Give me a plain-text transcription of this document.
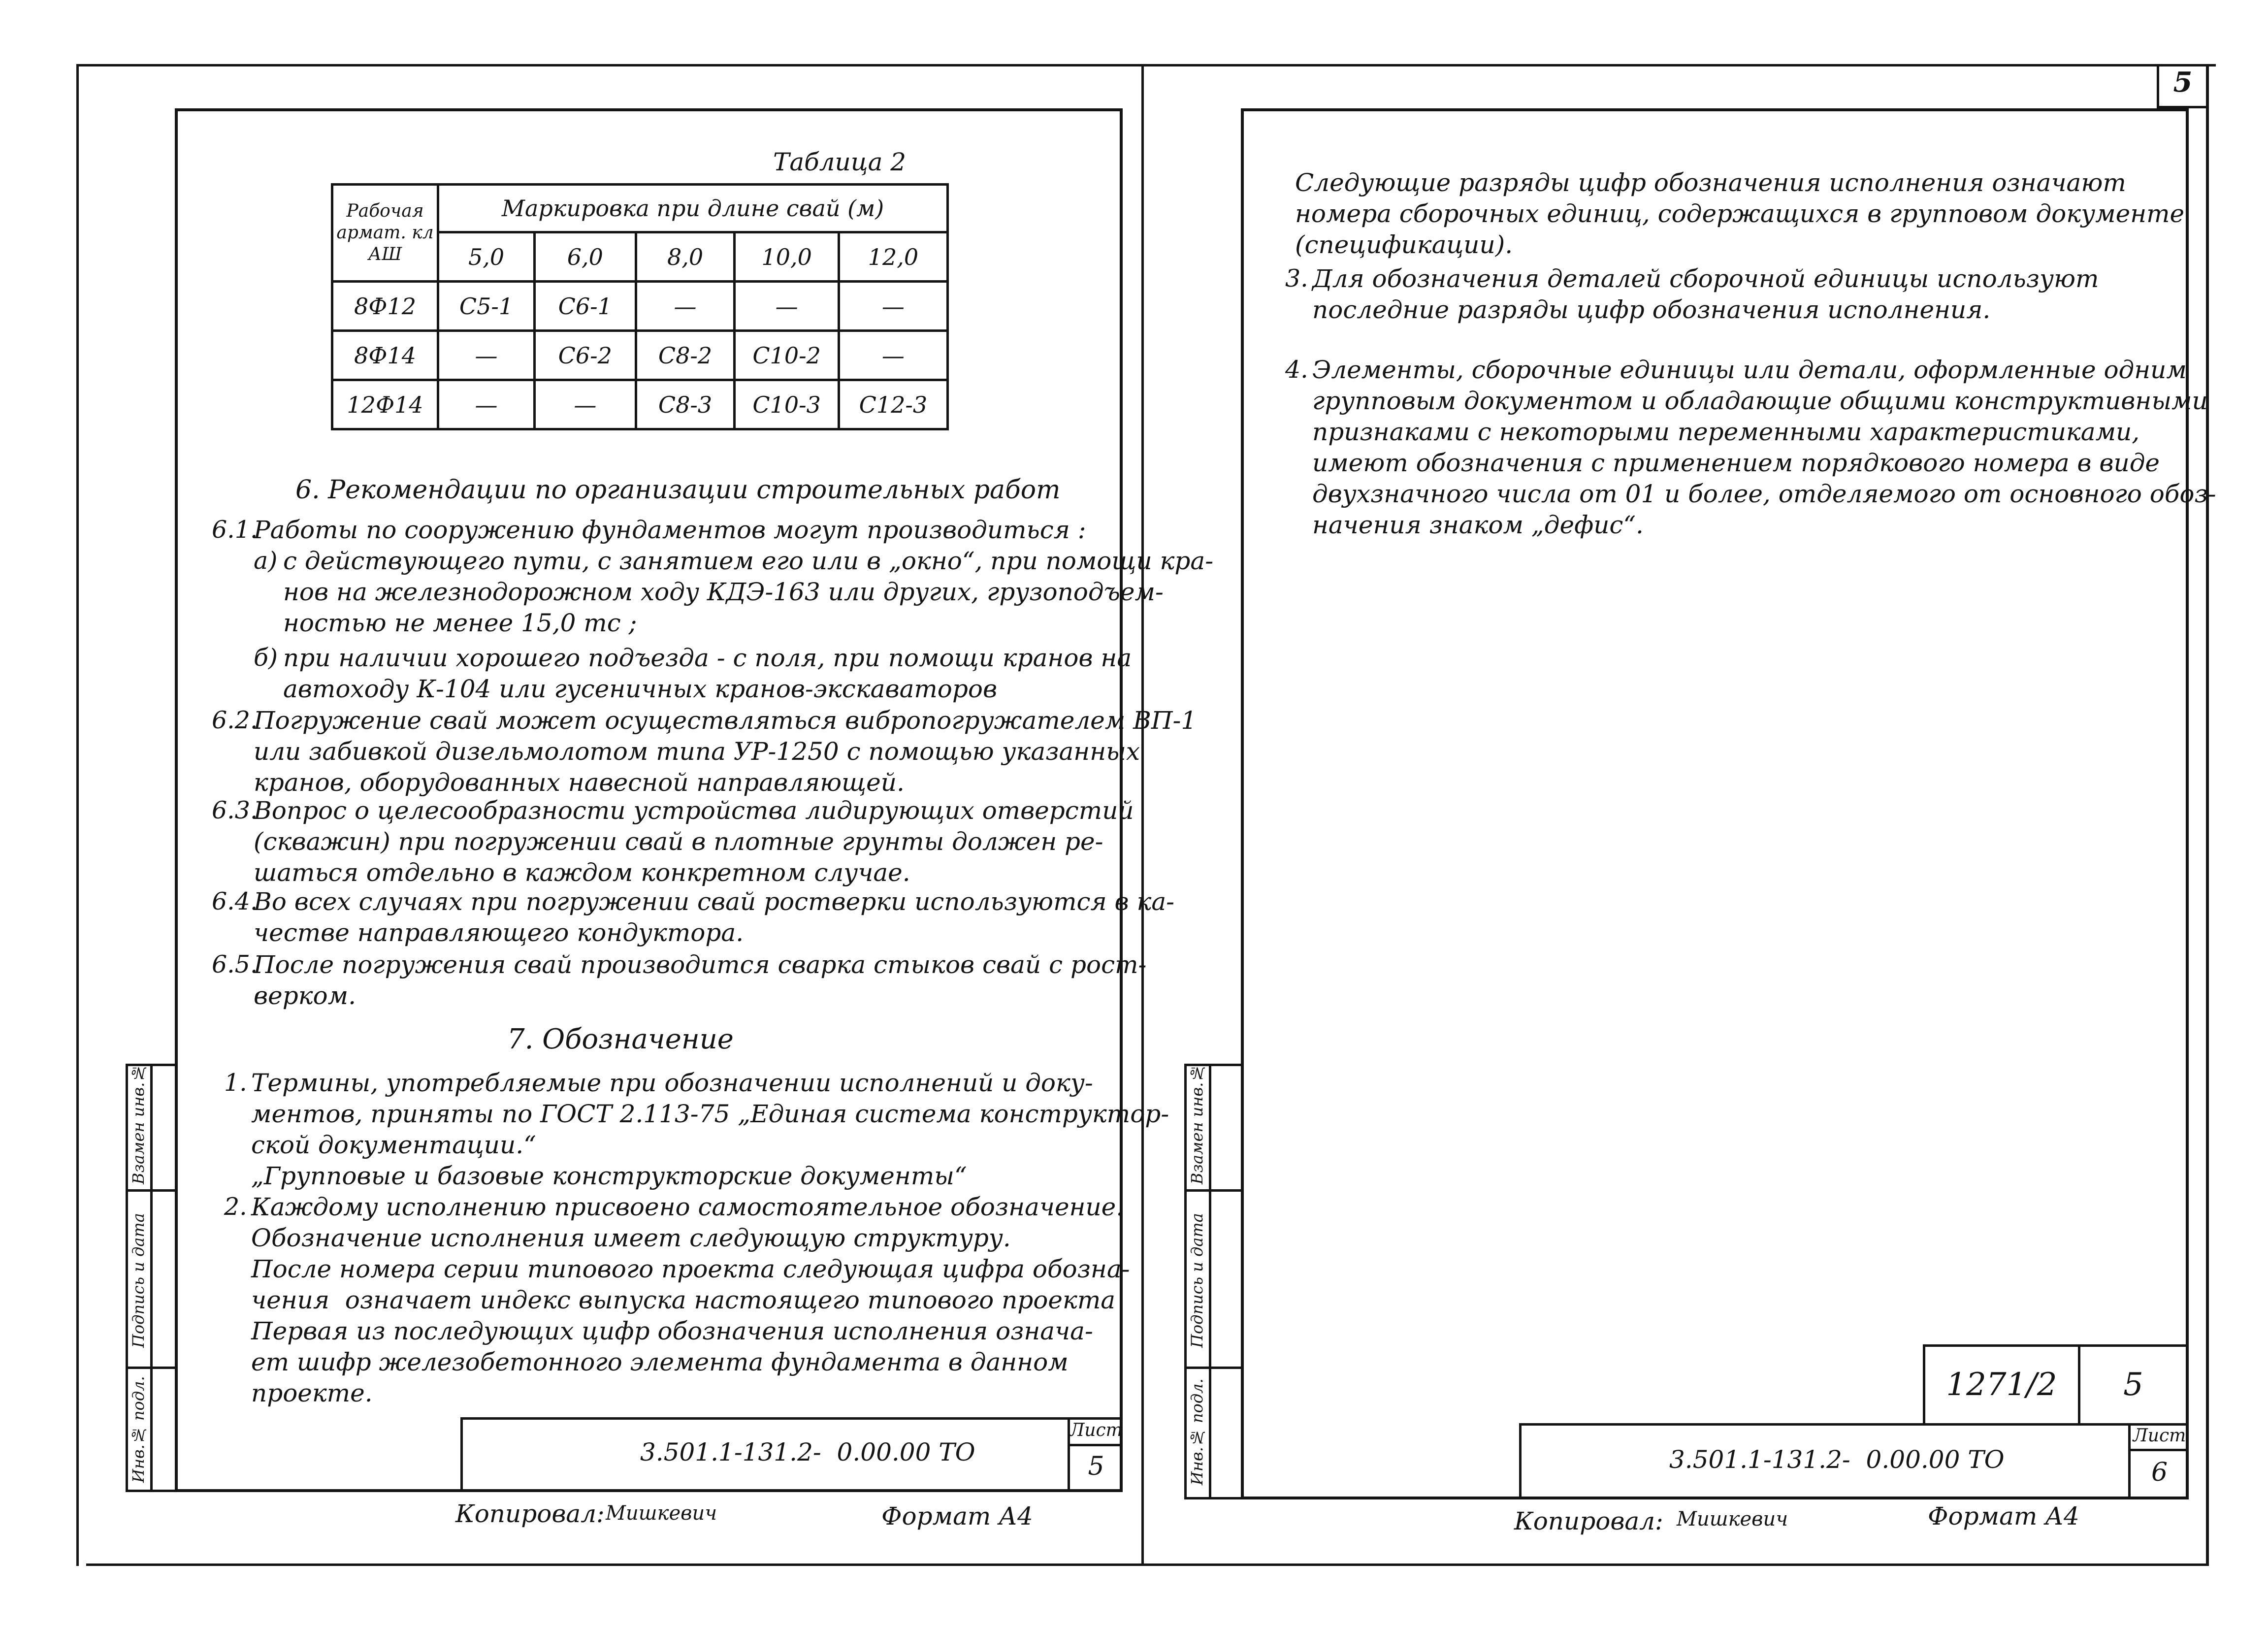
5
Таблица 2
Рабочая армат. кл АШ	Маркировка при длине свай (м)				
	5,0	6,0	8,0	10,0	12,0
8Ф12	С5-1	С6-1	—	—	—
8Ф14	—	С6-2	С8-2	С10-2	—
12Ф14	—	—	С8-3	С10-3	С12-3
6. Рекомендации по организации строительных работ
6.1.
Работы по сооружению фундаментов могут производиться :
а) с действующего пути, с занятием его или в „окно“, при помощи кра-
нов на железнодорожном ходу КДЭ-163 или других, грузоподъем-
ностью не менее 15,0 тс ;
б) при наличии хорошего подъезда - с поля, при помощи кранов на
автоходу К-104 или гусеничных кранов-экскаваторов
6.2.
Погружение свай может осуществляться вибропогружателем ВП-1
или забивкой дизельмолотом типа УР-1250 с помощью указанных
кранов, оборудованных навесной направляющей.
6.3.
Вопрос о целесообразности устройства лидирующих отверстий
(скважин) при погружении свай в плотные грунты должен ре-
шаться отдельно в каждом конкретном случае.
6.4.
Во всех случаях при погружении свай ростверки используются в ка-
честве направляющего кондуктора.
6.5.
После погружения свай производится сварка стыков свай с рост-
верком.
7. Обозначение
1. Термины, употребляемые при обозначении исполнений и доку-
ментов, приняты по ГОСТ 2.113-75 „Единая система конструктор-
ской документации.“
„Групповые и базовые конструкторские документы“
2. Каждому исполнению присвоено самостоятельное обозначение.
Обозначение исполнения имеет следующую структуру.
После номера серии типового проекта следующая цифра обозна-
чения  означает индекс выпуска настоящего типового проекта
Первая из последующих цифр обозначения исполнения означа-
ет шифр железобетонного элемента фундамента в данном
проекте.
Взамен инв.№
Подпись и дата
Инв.№ подл.	3.501.1-131.2-  0.00.00 ТО
Лист
5
Копировал: Мишкевич	Формат А4
Следующие разряды цифр обозначения исполнения означают
номера сборочных единиц, содержащихся в групповом документе
(спецификации).
3. Для обозначения деталей сборочной единицы используют
последние разряды цифр обозначения исполнения.
4. Элементы, сборочные единицы или детали, оформленные одним
групповым документом и обладающие общими конструктивными
признаками с некоторыми переменными характеристиками,
имеют обозначения с применением порядкового номера в виде
двухзначного числа от 01 и более, отделяемого от основного обоз-
начения знаком „дефис“.
Взамен инв.№
Подпись и дата
Инв.№ подл.	1271/2	5
3.501.1-131.2-  0.00.00 ТО
Лист
6
Копировал: Мишкевич	Формат А4
